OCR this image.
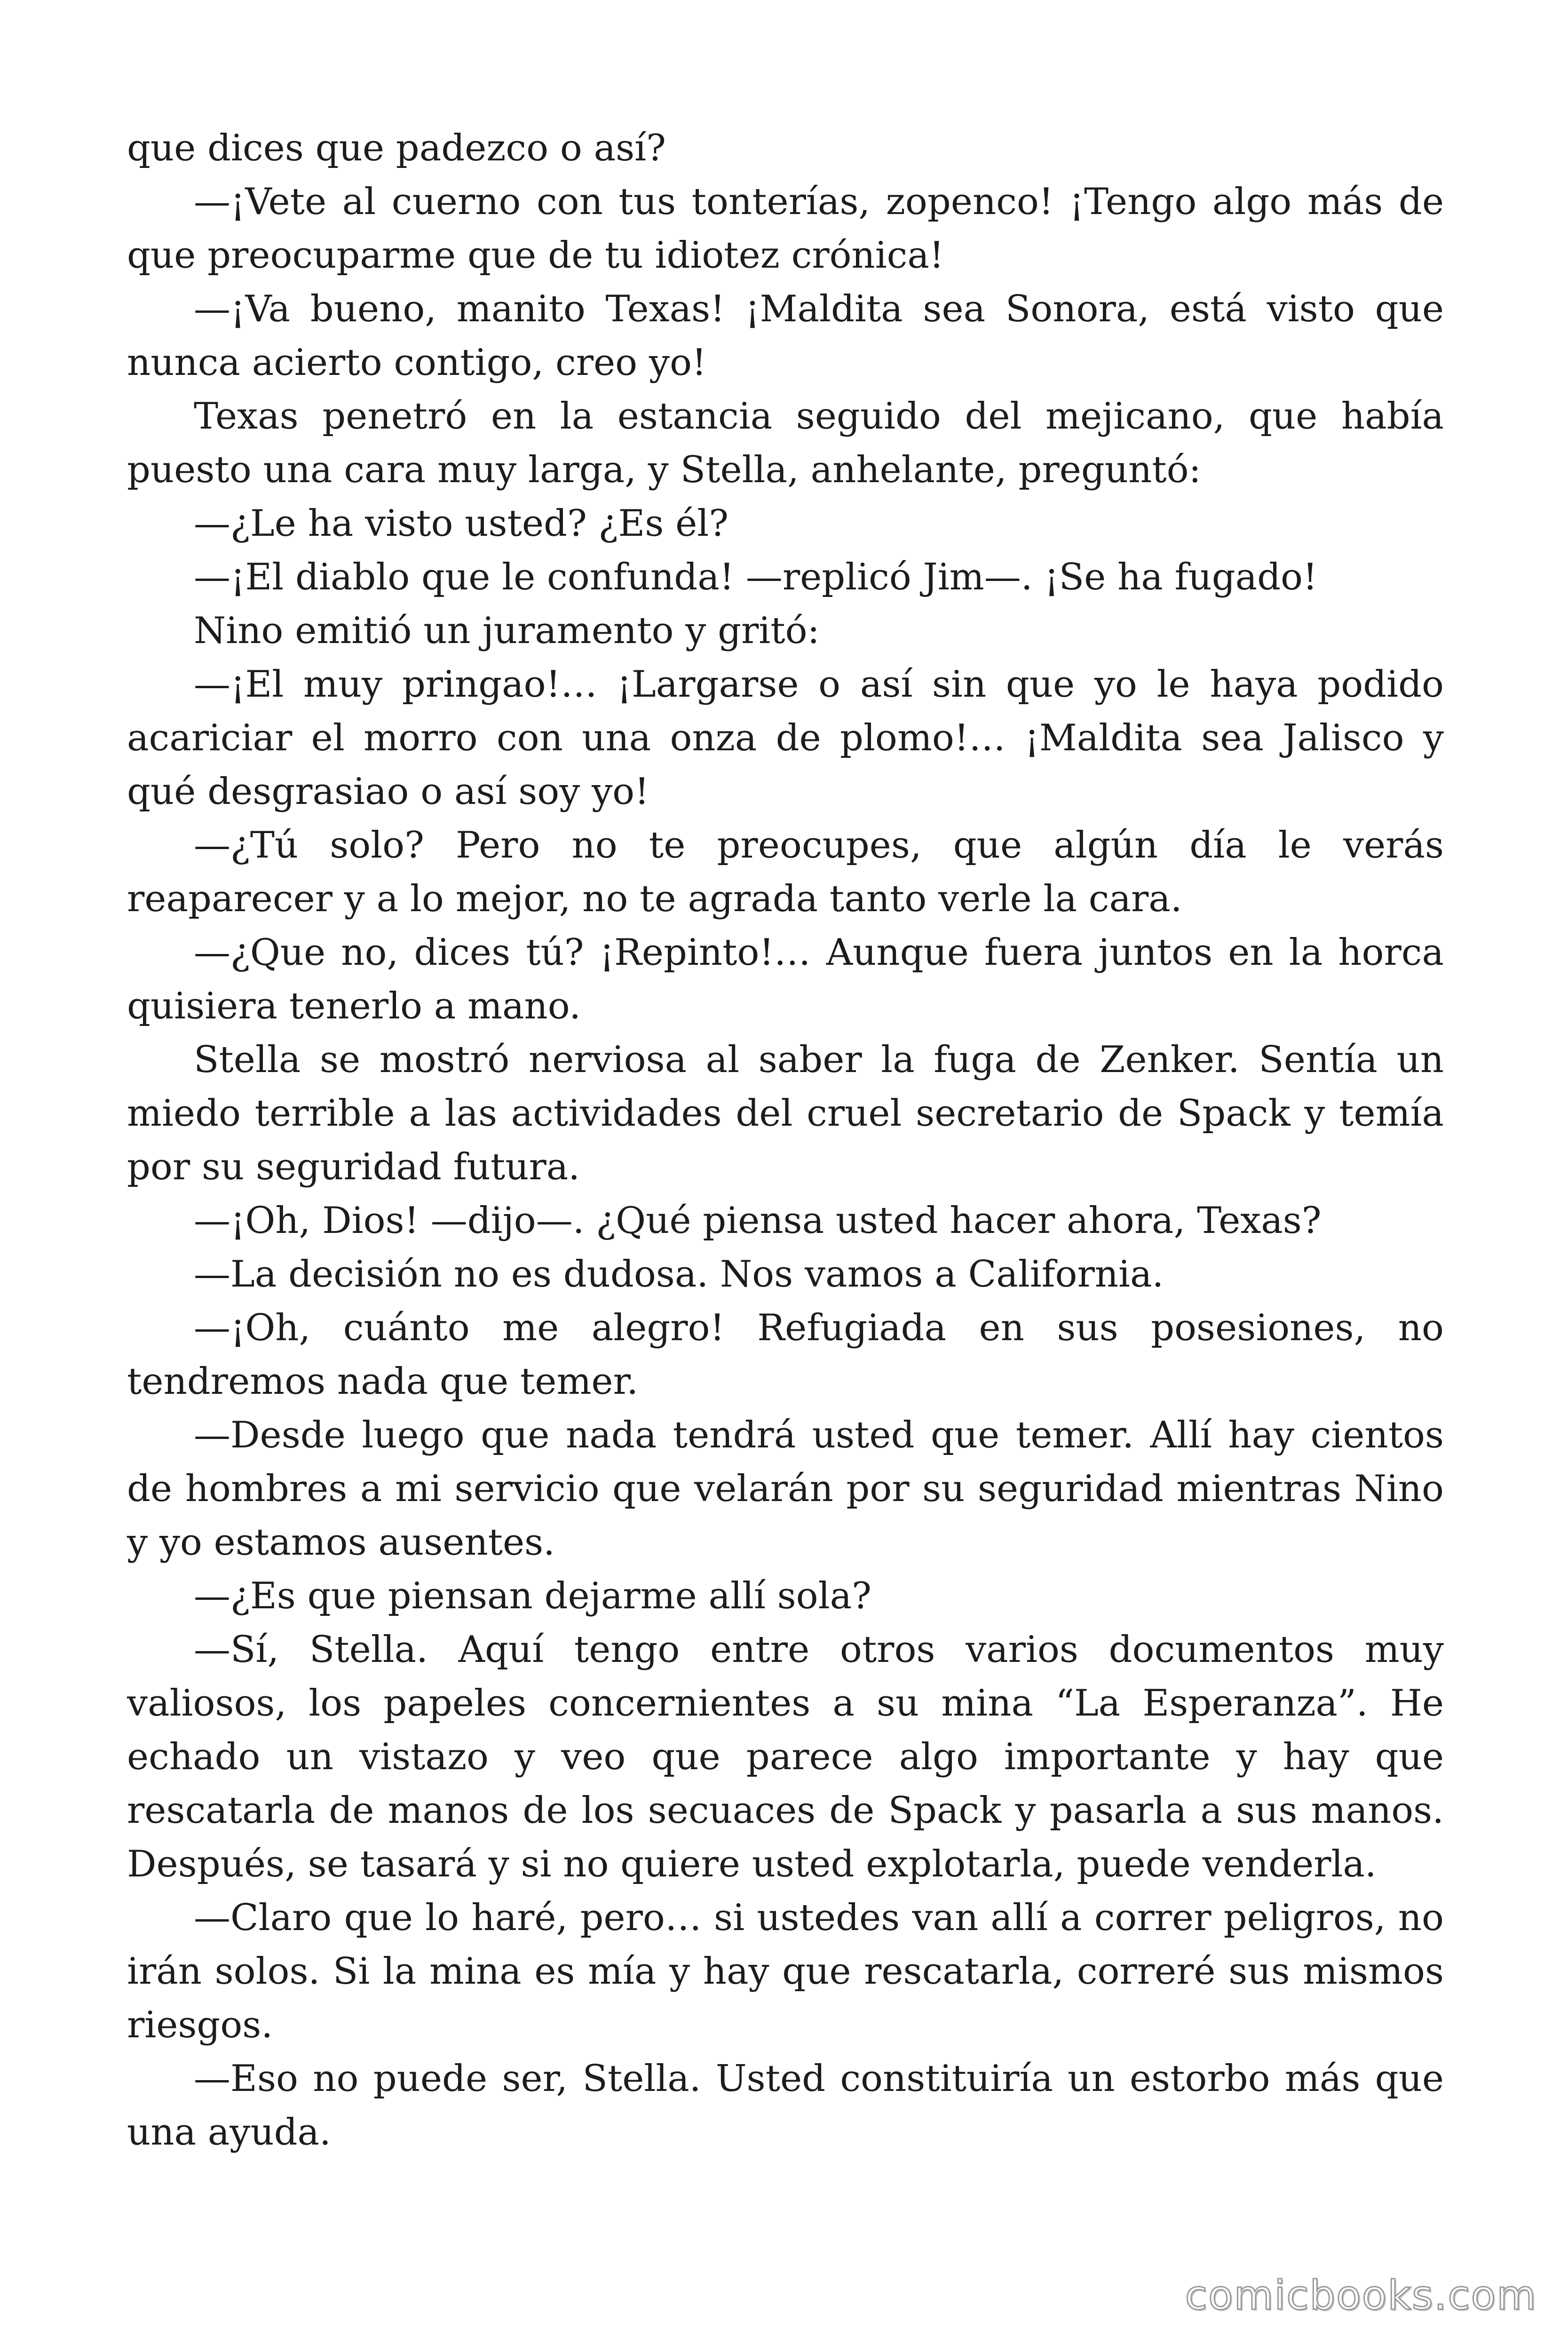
que dices que padezco o así?

—¡Vete al cuerno con tus tonterías, zopenco! ¡Tengo algo más de que preocuparme que de tu idiotez crónica!

—¡Va bueno, manito Texas! ¡Maldita sea Sonora, está visto que nunca acierto contigo, creo yo!

Texas penetró en la estancia seguido del mejicano, que había puesto una cara muy larga, y Stella, anhelante, preguntó:

—¿Le ha visto usted? ¿Es él?

—¡El diablo que le confunda! —replicó Jim—. ¡Se ha fugado!

Nino emitió un juramento y gritó:

—¡El muy pringao!… ¡Largarse o así sin que yo le haya podido acariciar el morro con una onza de plomo!… ¡Maldita sea Jalisco y qué desgrasiao o así soy yo!

—¿Tú solo? Pero no te preocupes, que algún día le verás reaparecer y a lo mejor, no te agrada tanto verle la cara.

—¿Que no, dices tú? ¡Repinto!… Aunque fuera juntos en la horca quisiera tenerlo a mano.

Stella se mostró nerviosa al saber la fuga de Zenker. Sentía un miedo terrible a las actividades del cruel secretario de Spack y temía por su seguridad futura.

—¡Oh, Dios! —dijo—. ¿Qué piensa usted hacer ahora, Texas?

—La decisión no es dudosa. Nos vamos a California.

—¡Oh, cuánto me alegro! Refugiada en sus posesiones, no tendremos nada que temer.

—Desde luego que nada tendrá usted que temer. Allí hay cientos de hombres a mi servicio que velarán por su seguridad mientras Nino y yo estamos ausentes.

—¿Es que piensan dejarme allí sola?

—Sí, Stella. Aquí tengo entre otros varios documentos muy valiosos, los papeles concernientes a su mina “La Esperanza”. He echado un vistazo y veo que parece algo importante y hay que rescatarla de manos de los secuaces de Spack y pasarla a sus manos. Después, se tasará y si no quiere usted explotarla, puede venderla.

—Claro que lo haré, pero… si ustedes van allí a correr peligros, no irán solos. Si la mina es mía y hay que rescatarla, correré sus mismos riesgos.

—Eso no puede ser, Stella. Usted constituiría un estorbo más que una ayuda.

comicbooks.com
